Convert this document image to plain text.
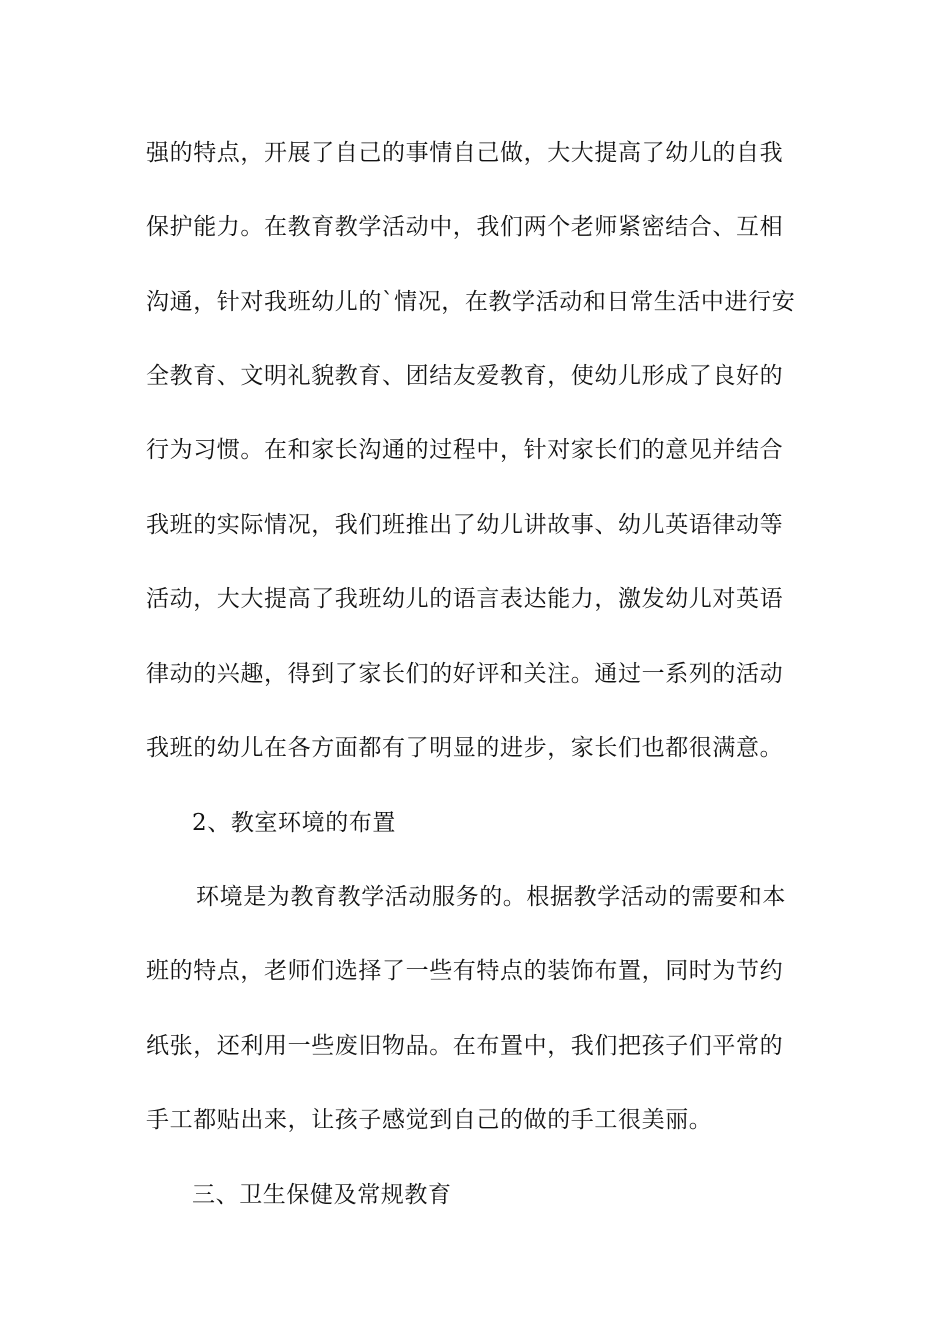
强的特点，开展了自己的事情自己做，大大提高了幼儿的自我
保护能力。在教育教学活动中，我们两个老师紧密结合、互相
沟通，针对我班幼儿的`情况，在教学活动和日常生活中进行安
全教育、文明礼貌教育、团结友爱教育，使幼儿形成了良好的
行为习惯。在和家长沟通的过程中，针对家长们的意见并结合
我班的实际情况，我们班推出了幼儿讲故事、幼儿英语律动等
活动，大大提高了我班幼儿的语言表达能力，激发幼儿对英语
律动的兴趣，得到了家长们的好评和关注。通过一系列的活动
我班的幼儿在各方面都有了明显的进步，家长们也都很满意。
2、教室环境的布置
环境是为教育教学活动服务的。根据教学活动的需要和本
班的特点，老师们选择了一些有特点的装饰布置，同时为节约
纸张，还利用一些废旧物品。在布置中，我们把孩子们平常的
手工都贴出来，让孩子感觉到自己的做的手工很美丽。
三、卫生保健及常规教育
